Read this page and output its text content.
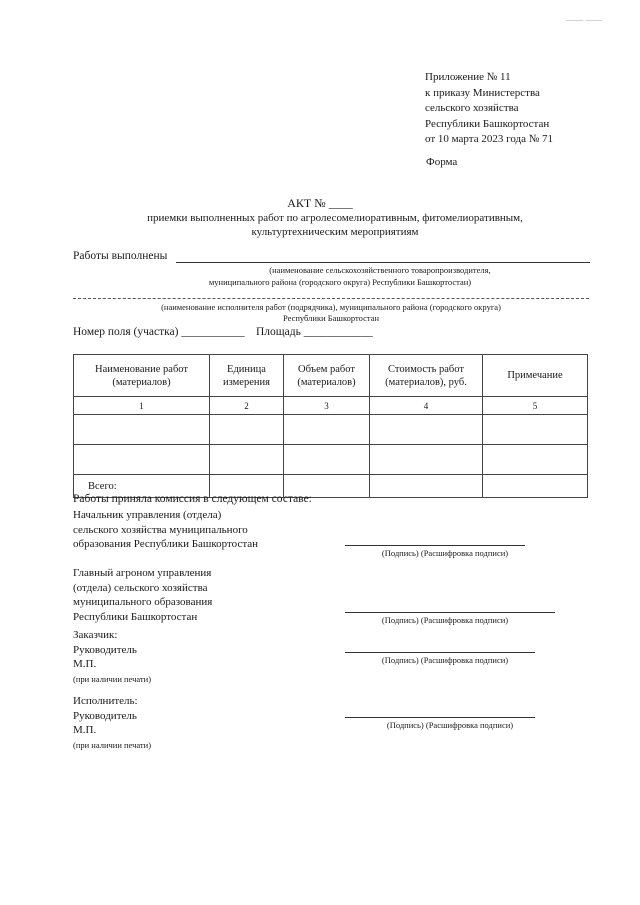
—— ——
Приложение № 11
к приказу Министерства
сельского хозяйства
Республики Башкортостан
от 10 марта 2023 года № 71
Форма
АКТ № ____
приемки выполненных работ по агролесомелиоративным, фитомелиоративным, культуртехническим мероприятиям
Работы выполнены
(наименование сельскохозяйственного товаропроизводителя,
муниципального района (городского округа) Республики Башкортостан)
(наименование исполнителя работ (подрядчика), муниципального района (городского округа)
Республики Башкортостан
Номер поля (участка) ___________ Площадь ____________
Наименование работ (материалов)	Единица измерения	Объем работ (материалов)	Стоимость работ (материалов), руб.	Примечание
1	2	3	4	5

Всего:				
Работы приняла комиссия в следующем составе:
Начальник управления (отдела)
сельского хозяйства муниципального
образования Республики Башкортостан
(Подпись) (Расшифровка подписи)
Главный агроном управления
(отдела) сельского хозяйства
муниципального образования
Республики Башкортостан	(Подпись) (Расшифровка подписи)
Заказчик:
Руководитель
М.П.
(при наличии печати)
(Подпись) (Расшифровка подписи)
Исполнитель:
Руководитель
М.П.
(при наличии печати)
(Подпись) (Расшифровка подписи)
